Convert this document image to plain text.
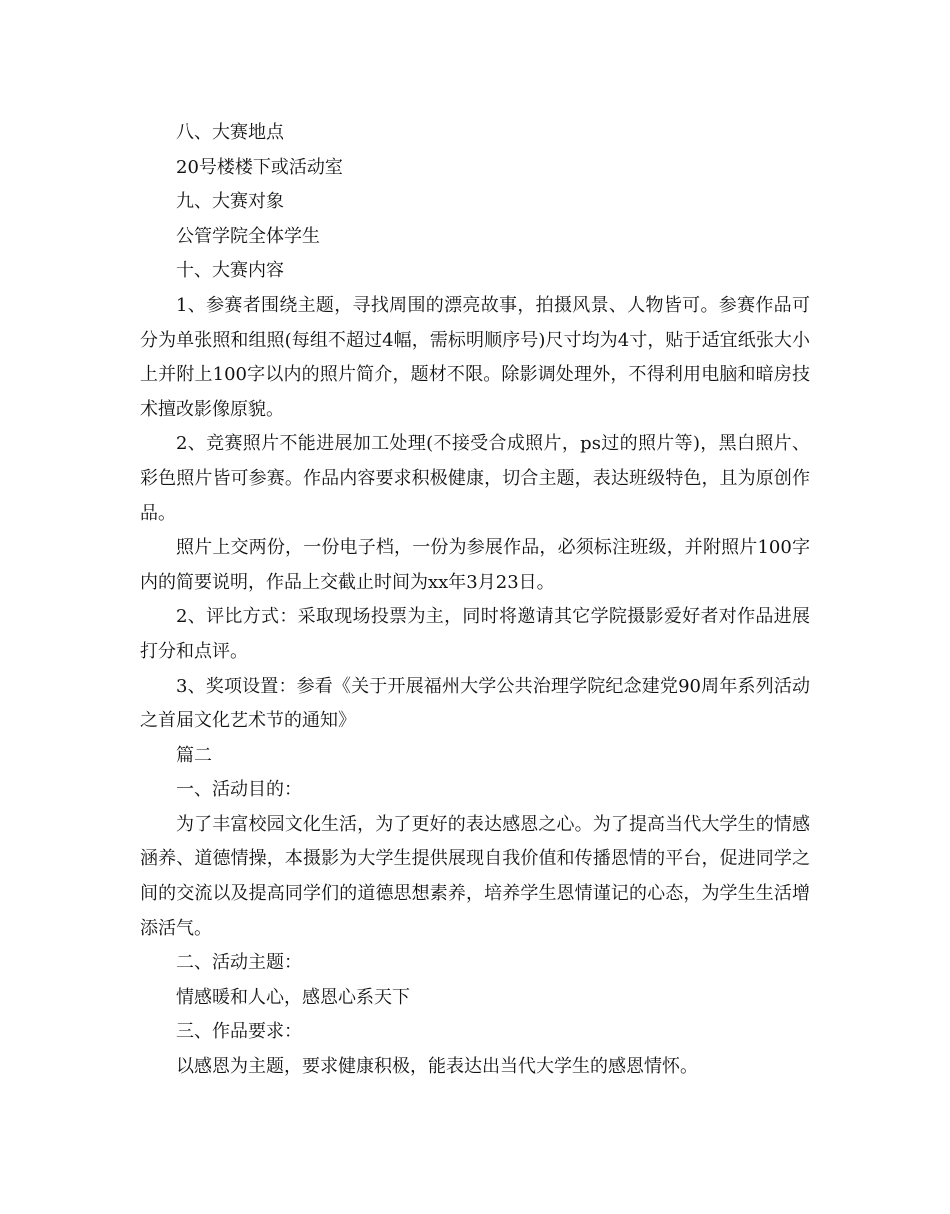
八、大赛地点

20号楼楼下或活动室

九、大赛对象

公管学院全体学生

十、大赛内容

1、参赛者围绕主题，寻找周围的漂亮故事，拍摄风景、人物皆可。参赛作品可分为单张照和组照(每组不超过4幅，需标明顺序号)尺寸均为4寸，贴于适宜纸张大小上并附上100字以内的照片简介，题材不限。除影调处理外，不得利用电脑和暗房技术擅改影像原貌。

2、竞赛照片不能进展加工处理(不接受合成照片，ps过的照片等)，黑白照片、彩色照片皆可参赛。作品内容要求积极健康，切合主题，表达班级特色，且为原创作品。

照片上交两份，一份电子档，一份为参展作品，必须标注班级，并附照片100字内的简要说明，作品上交截止时间为xx年3月23日。

2、评比方式：采取现场投票为主，同时将邀请其它学院摄影爱好者对作品进展打分和点评。

3、奖项设置：参看《关于开展福州大学公共治理学院纪念建党90周年系列活动之首届文化艺术节的通知》

篇二

一、活动目的：

为了丰富校园文化生活，为了更好的表达感恩之心。为了提高当代大学生的情感涵养、道德情操，本摄影为大学生提供展现自我价值和传播恩情的平台，促进同学之间的交流以及提高同学们的道德思想素养，培养学生恩情谨记的心态，为学生生活增添活气。

二、活动主题：

情感暖和人心，感恩心系天下

三、作品要求：

以感恩为主题，要求健康积极，能表达出当代大学生的感恩情怀。
